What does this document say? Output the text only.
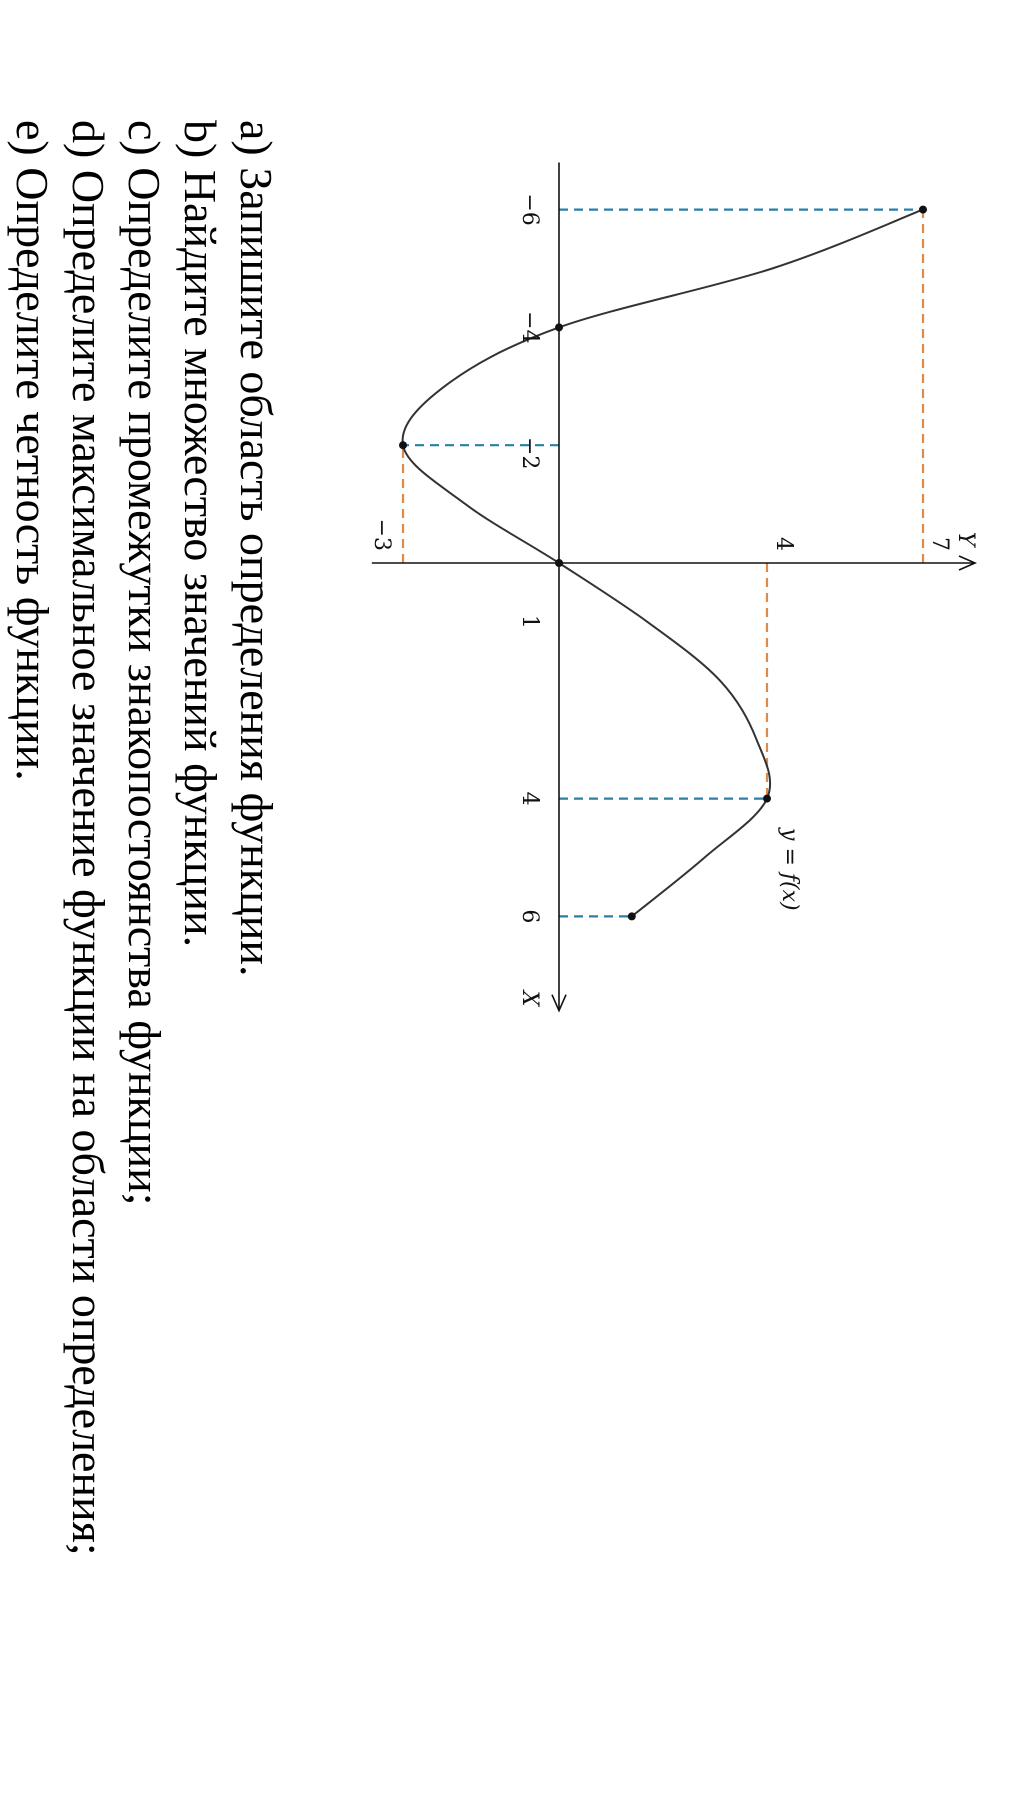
−6
−4
−2
1
4
6
−3	4	7
X
Y
y = f(x)
a) Запишите область определения функции.
b) Найдите множество значений функции.
c) Определите промежутки знакопостоянства функции;
d) Определите максимальное значение функции на области определения;
e) Определите четность функции.
